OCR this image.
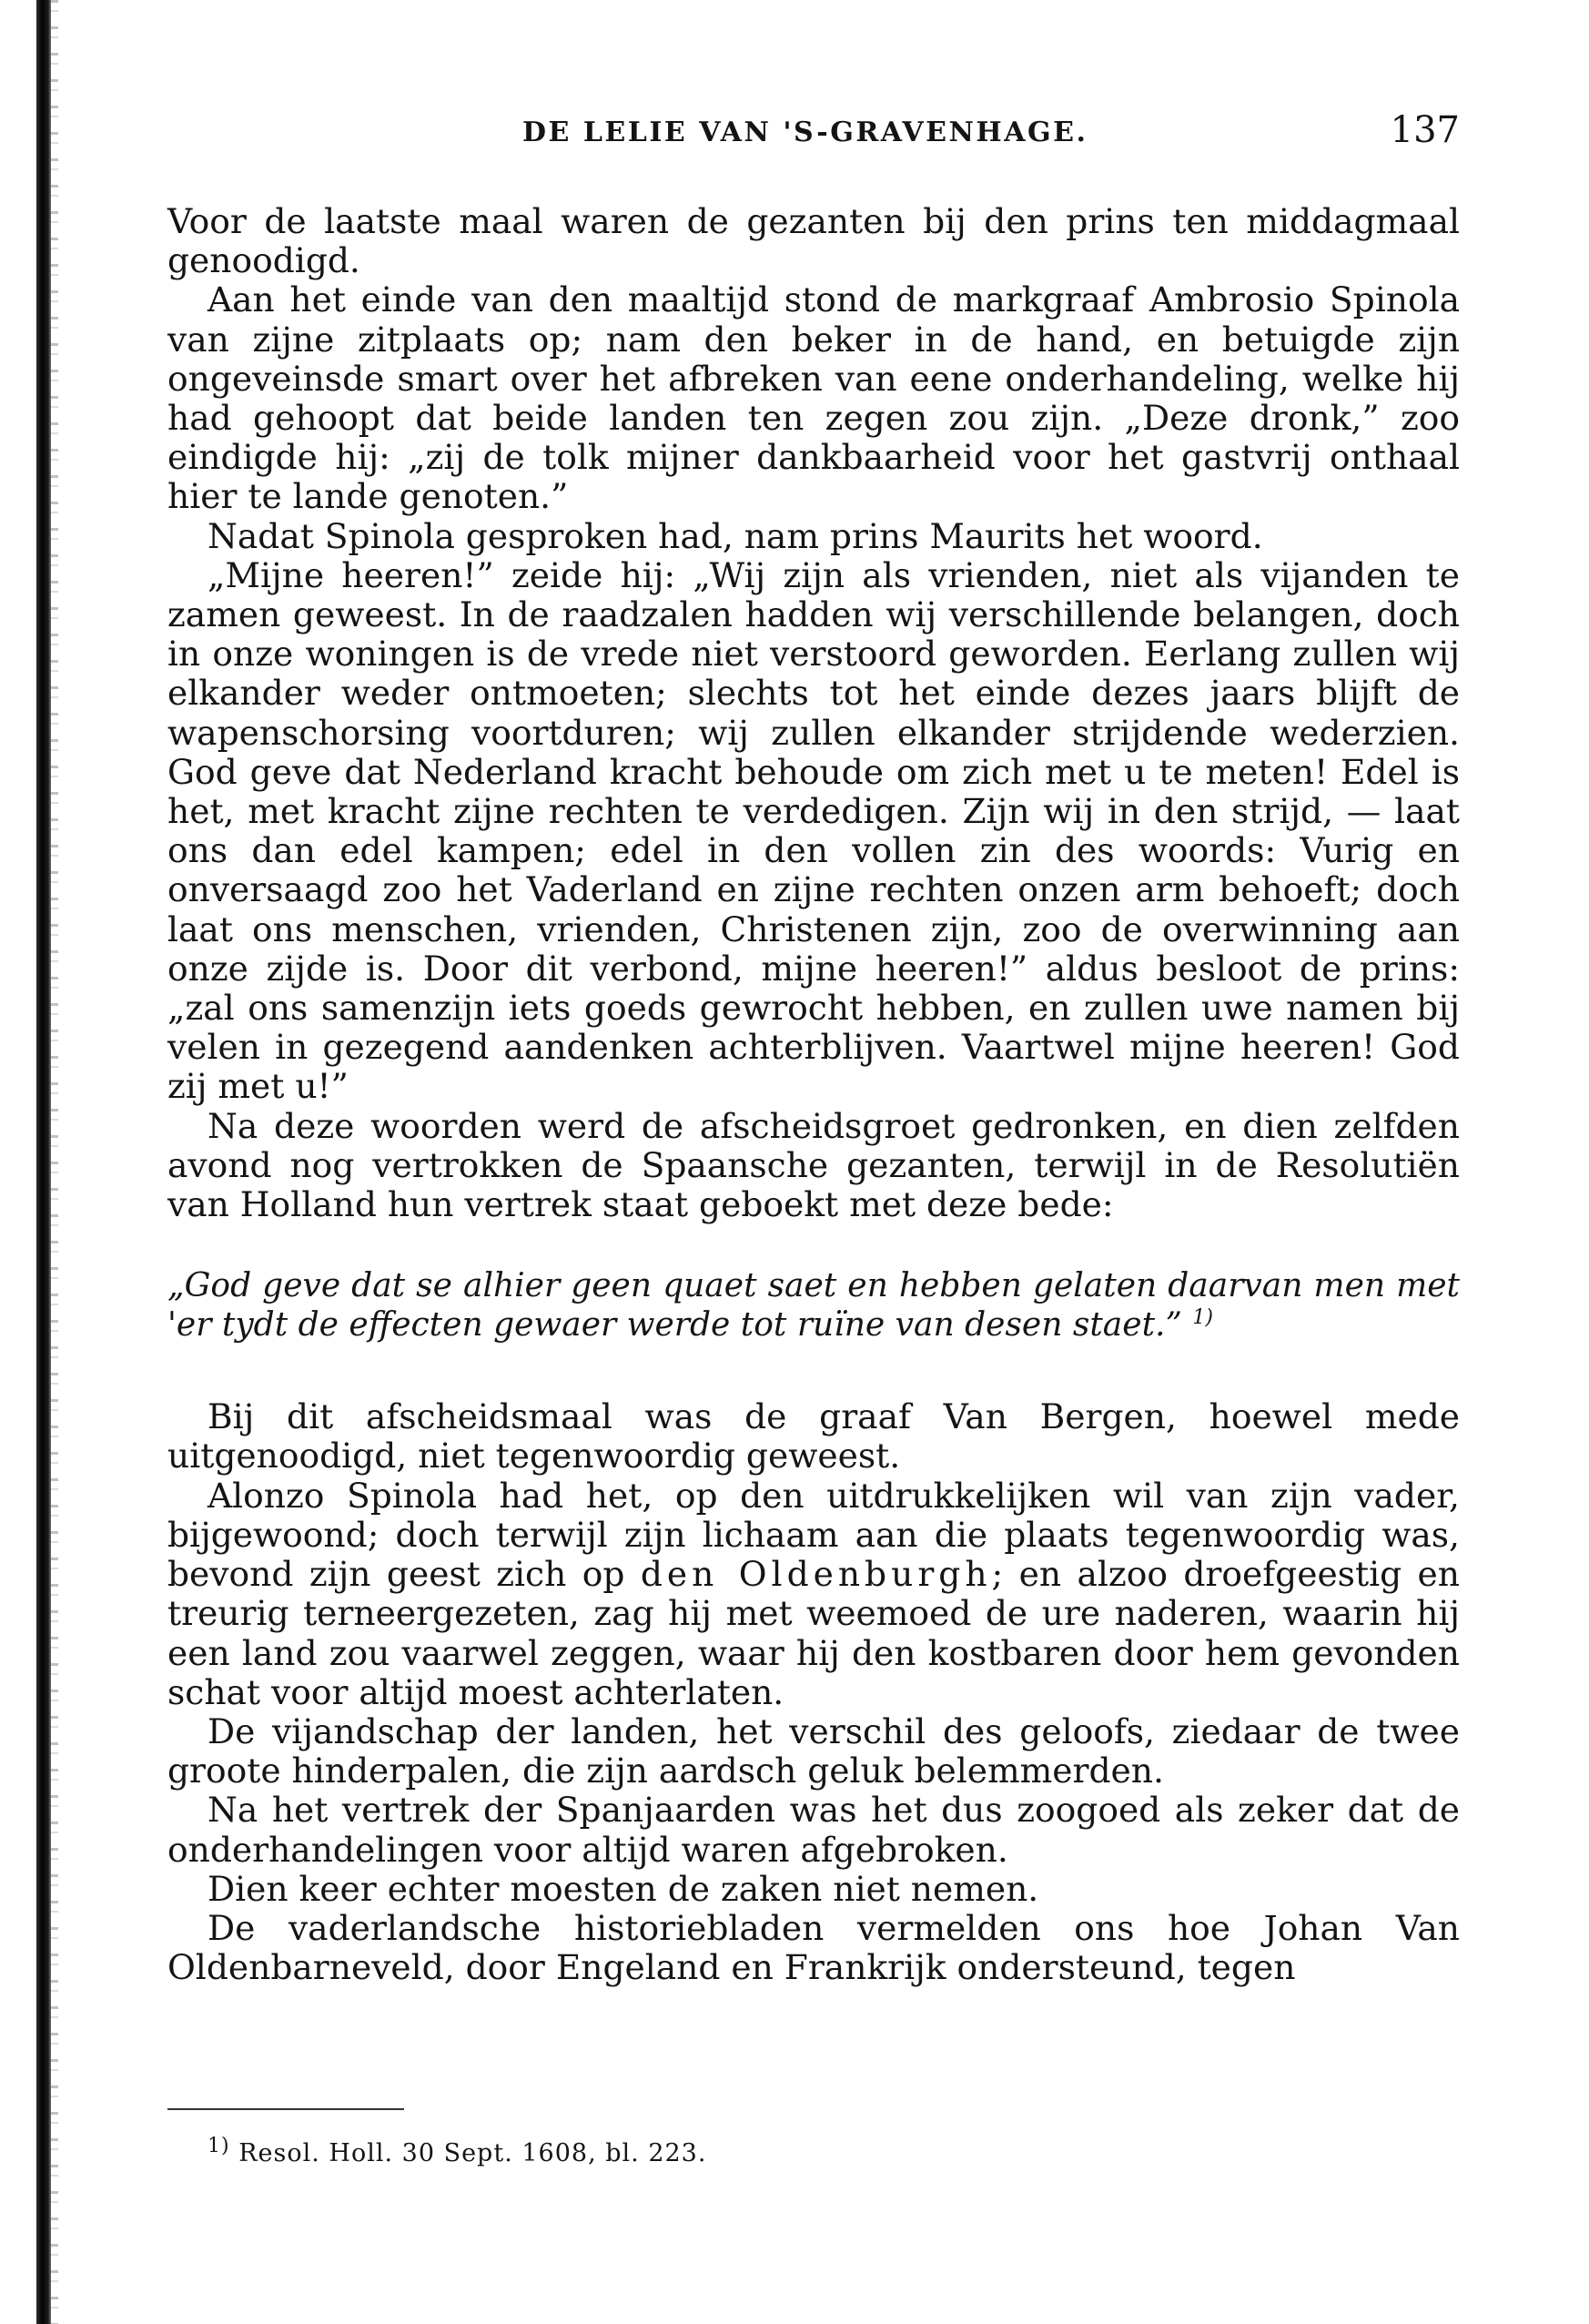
DE LELIE VAN 'S-GRAVENHAGE.	137

Voor de laatste maal waren de gezanten bij den prins ten middagmaal genoodigd.

Aan het einde van den maaltijd stond de markgraaf Ambrosio Spinola van zijne zitplaats op; nam den beker in de hand, en betuigde zijn ongeveinsde smart over het afbreken van eene onderhandeling, welke hij had gehoopt dat beide landen ten zegen zou zijn. „Deze dronk,” zoo eindigde hij: „zij de tolk mijner dankbaarheid voor het gastvrij onthaal hier te lande genoten.”

Nadat Spinola gesproken had, nam prins Maurits het woord.

„Mijne heeren!” zeide hij: „Wij zijn als vrienden, niet als vijanden te zamen geweest. In de raadzalen hadden wij verschillende belangen, doch in onze woningen is de vrede niet verstoord geworden. Eerlang zullen wij elkander weder ontmoeten; slechts tot het einde dezes jaars blijft de wapenschorsing voortduren; wij zullen elkander strijdende wederzien. God geve dat Nederland kracht behoude om zich met u te meten! Edel is het, met kracht zijne rechten te verdedigen. Zijn wij in den strijd, — laat ons dan edel kampen; edel in den vollen zin des woords: Vurig en onversaagd zoo het Vaderland en zijne rechten onzen arm behoeft; doch laat ons menschen, vrienden, Christenen zijn, zoo de overwinning aan onze zijde is. Door dit verbond, mijne heeren!” aldus besloot de prins: „zal ons samenzijn iets goeds gewrocht hebben, en zullen uwe namen bij velen in gezegend aandenken achterblijven. Vaartwel mijne heeren! God zij met u!”

Na deze woorden werd de afscheidsgroet gedronken, en dien zelfden avond nog vertrokken de Spaansche gezanten, terwijl in de Resolutiën van Holland hun vertrek staat geboekt met deze bede:

„God geve dat se alhier geen quaet saet en hebben gelaten daarvan men met 'er tydt de effecten gewaer werde tot ruïne van desen staet.” $^{1)}$

Bij dit afscheidsmaal was de graaf Van Bergen, hoewel mede uitgenoodigd, niet tegenwoordig geweest.

Alonzo Spinola had het, op den uitdrukkelijken wil van zijn vader, bijgewoond; doch terwijl zijn lichaam aan die plaats tegenwoordig was, bevond zijn geest zich op den Oldenburgh; en alzoo droefgeestig en treurig terneergezeten, zag hij met weemoed de ure naderen, waarin hij een land zou vaarwel zeggen, waar hij den kostbaren door hem gevonden schat voor altijd moest achterlaten.

De vijandschap der landen, het verschil des geloofs, ziedaar de twee groote hinderpalen, die zijn aardsch geluk belemmerden.

Na het vertrek der Spanjaarden was het dus zoogoed als zeker dat de onderhandelingen voor altijd waren afgebroken.

Dien keer echter moesten de zaken niet nemen.

De vaderlandsche historiebladen vermelden ons hoe Johan Van Oldenbarneveld, door Engeland en Frankrijk ondersteund, tegen

$^{1)}$ Resol. Holl. 30 Sept. 1608, bl. 223.
